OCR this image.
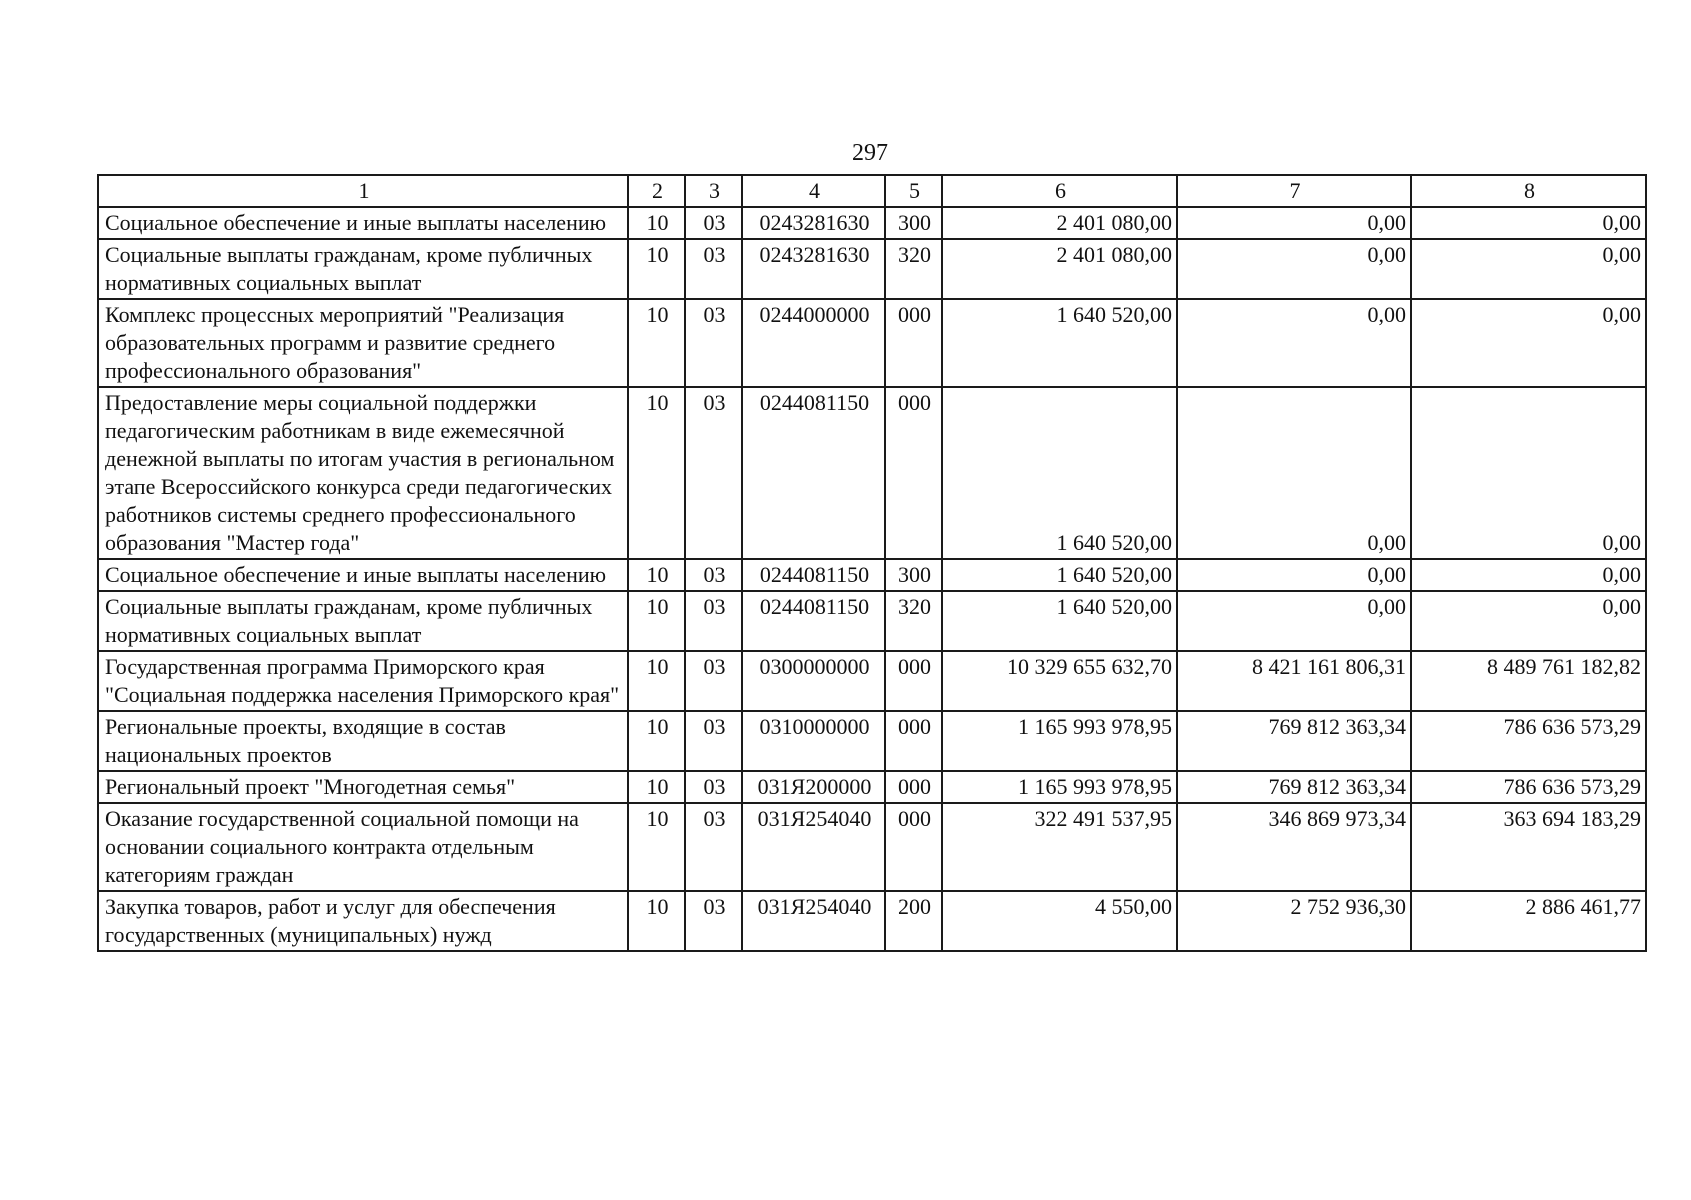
297
1	2	3	4	5	6	7	8
Социальное обеспечение и иные выплаты населению	10	03	0243281630	300	2 401 080,00	0,00	0,00
Социальные выплаты гражданам, кроме публичных нормативных социальных выплат	10	03	0243281630	320	2 401 080,00	0,00	0,00
Комплекс процессных мероприятий "Реализация образовательных программ и развитие среднего профессионального образования"	10	03	0244000000	000	1 640 520,00	0,00	0,00
Предоставление меры социальной поддержки педагогическим работникам в виде ежемесячной денежной выплаты по итогам участия в региональном этапе Всероссийского конкурса среди педагогических работников системы среднего профессионального образования "Мастер года"	10	03	0244081150	000	1 640 520,00	0,00	0,00
Социальное обеспечение и иные выплаты населению	10	03	0244081150	300	1 640 520,00	0,00	0,00
Социальные выплаты гражданам, кроме публичных нормативных социальных выплат	10	03	0244081150	320	1 640 520,00	0,00	0,00
Государственная программа Приморского края "Социальная поддержка населения Приморского края"	10	03	0300000000	000	10 329 655 632,70	8 421 161 806,31	8 489 761 182,82
Региональные проекты, входящие в состав национальных проектов	10	03	0310000000	000	1 165 993 978,95	769 812 363,34	786 636 573,29
Региональный проект "Многодетная семья"	10	03	031Я200000	000	1 165 993 978,95	769 812 363,34	786 636 573,29
Оказание государственной социальной помощи на основании социального контракта отдельным категориям граждан	10	03	031Я254040	000	322 491 537,95	346 869 973,34	363 694 183,29
Закупка товаров, работ и услуг для обеспечения государственных (муниципальных) нужд	10	03	031Я254040	200	4 550,00	2 752 936,30	2 886 461,77
